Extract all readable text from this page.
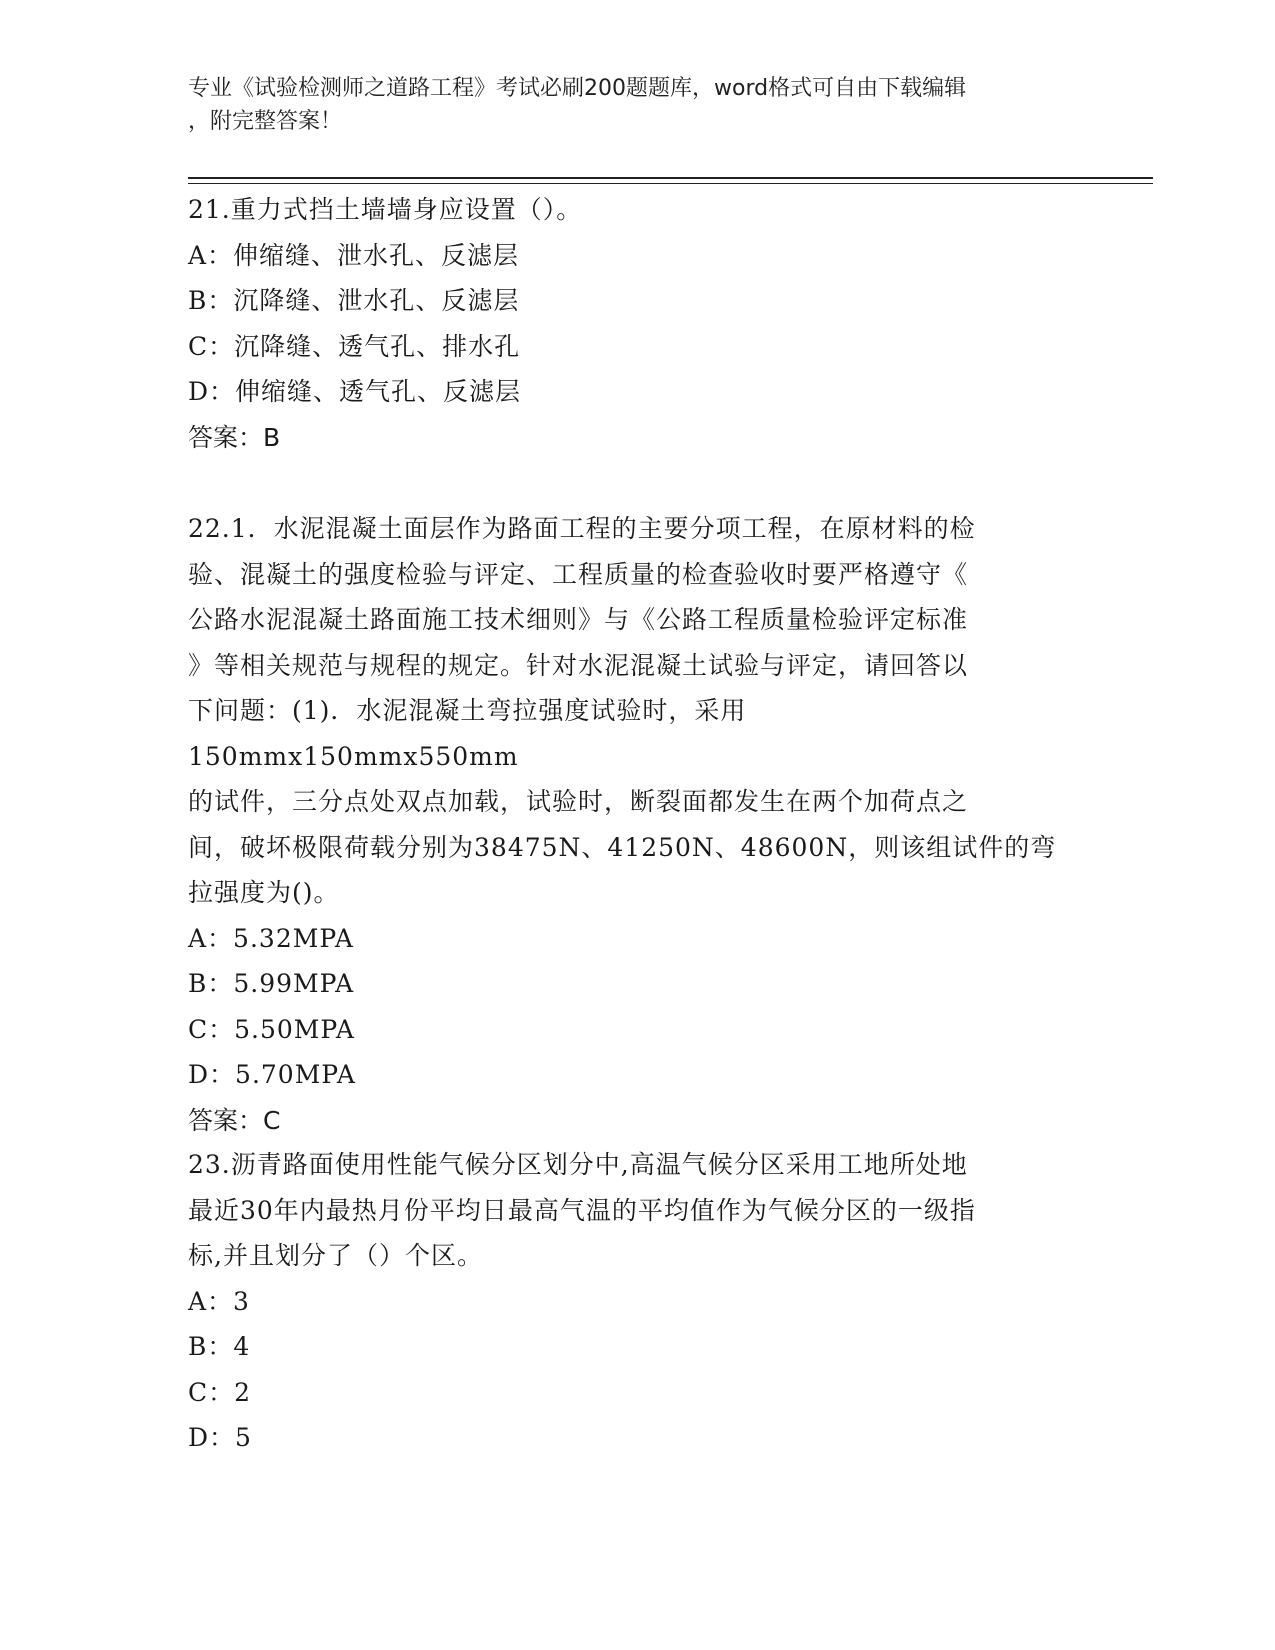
专业《试验检测师之道路工程》考试必刷200题题库，word格式可自由下载编辑
，附完整答案！
21.重力式挡土墙墙身应设置（）。
A：伸缩缝、泄水孔、反滤层
B：沉降缝、泄水孔、反滤层
C：沉降缝、透气孔、排水孔
D：伸缩缝、透气孔、反滤层
答案：B
22.1．水泥混凝土面层作为路面工程的主要分项工程，在原材料的检
验、混凝土的强度检验与评定、工程质量的检查验收时要严格遵守《
公路水泥混凝土路面施工技术细则》与《公路工程质量检验评定标准
》等相关规范与规程的规定。针对水泥混凝土试验与评定，请回答以
下问题：(1)．水泥混凝土弯拉强度试验时，采用150mmx150mmx550mm
的试件，三分点处双点加载，试验时，断裂面都发生在两个加荷点之
间，破坏极限荷载分别为38475N、41250N、48600N，则该组试件的弯
拉强度为()。
A：5.32MPA
B：5.99MPA
C：5.50MPA
D：5.70MPA
答案：C
23.沥青路面使用性能气候分区划分中,高温气候分区采用工地所处地
最近30年内最热月份平均日最高气温的平均值作为气候分区的一级指
标,并且划分了（）个区。
A：3
B：4
C：2
D：5
